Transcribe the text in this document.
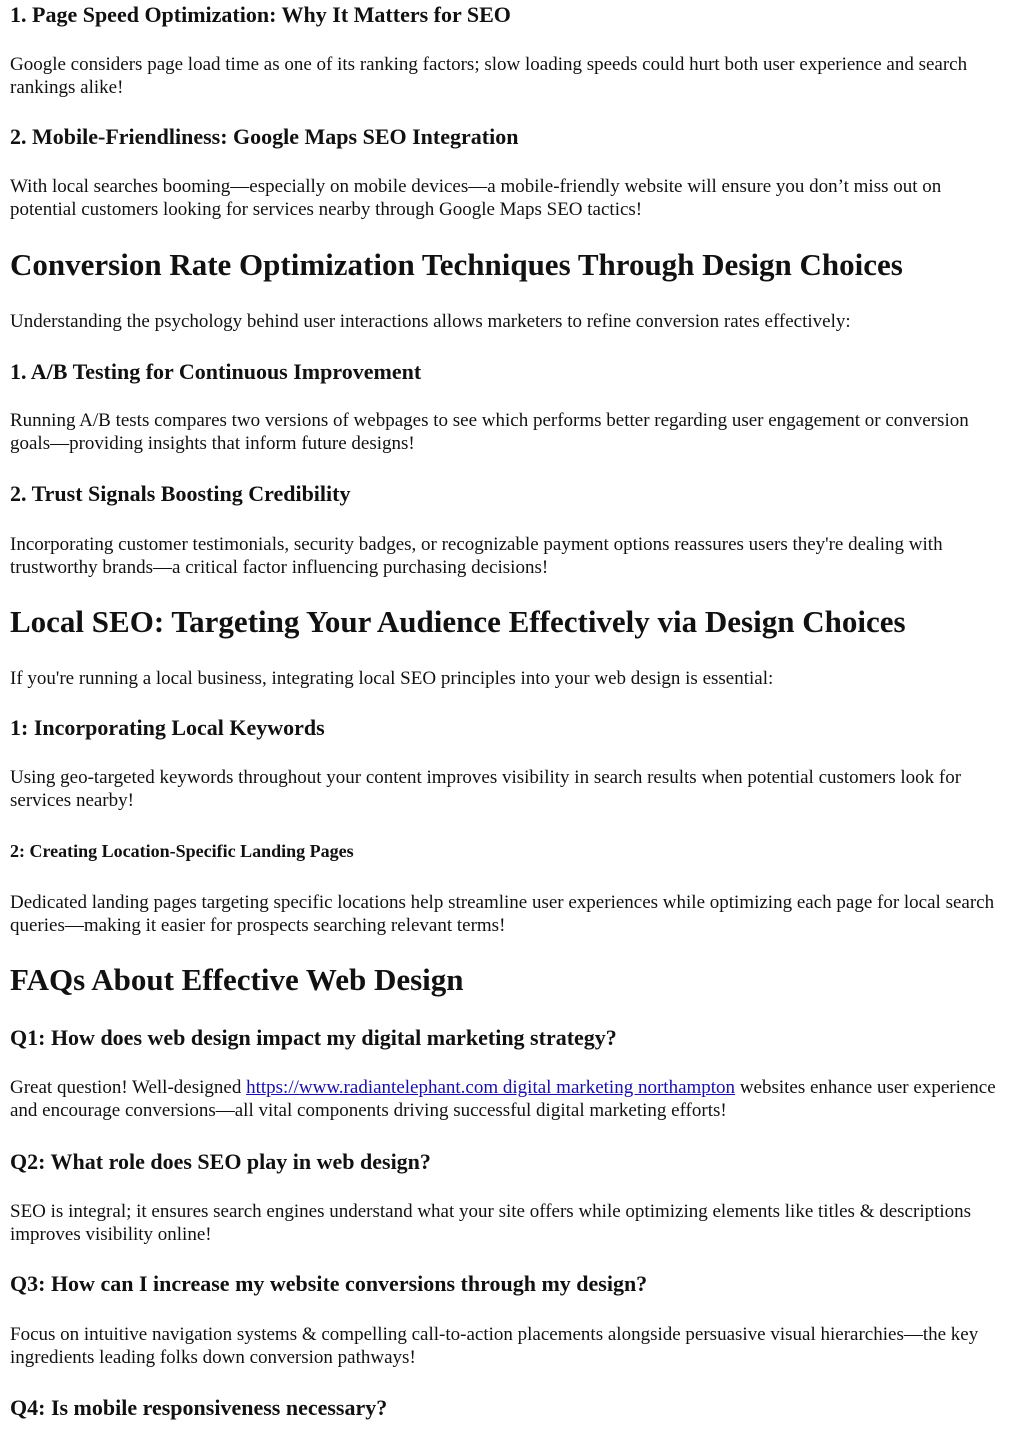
1. Page Speed Optimization: Why It Matters for SEO

Google considers page load time as one of its ranking factors; slow loading speeds could hurt both user experience and search rankings alike!

2. Mobile-Friendliness: Google Maps SEO Integration

With local searches booming—especially on mobile devices—a mobile-friendly website will ensure you don’t miss out on potential customers looking for services nearby through Google Maps SEO tactics!

Conversion Rate Optimization Techniques Through Design Choices

Understanding the psychology behind user interactions allows marketers to refine conversion rates effectively:

1. A/B Testing for Continuous Improvement

Running A/B tests compares two versions of webpages to see which performs better regarding user engagement or conversion goals—providing insights that inform future designs!

2. Trust Signals Boosting Credibility

Incorporating customer testimonials, security badges, or recognizable payment options reassures users they're dealing with trustworthy brands—a critical factor influencing purchasing decisions!

Local SEO: Targeting Your Audience Effectively via Design Choices

If you're running a local business, integrating local SEO principles into your web design is essential:

1: Incorporating Local Keywords

Using geo-targeted keywords throughout your content improves visibility in search results when potential customers look for services nearby!

2: Creating Location-Specific Landing Pages

Dedicated landing pages targeting specific locations help streamline user experiences while optimizing each page for local search queries—making it easier for prospects searching relevant terms!

FAQs About Effective Web Design
Q1: How does web design impact my digital marketing strategy?

Great question! Well-designed https://www.radiantelephant.com digital marketing northampton websites enhance user experience and encourage conversions—all vital components driving successful digital marketing efforts!

Q2: What role does SEO play in web design?

SEO is integral; it ensures search engines understand what your site offers while optimizing elements like titles & descriptions improves visibility online!

Q3: How can I increase my website conversions through my design?

Focus on intuitive navigation systems & compelling call-to-action placements alongside persuasive visual hierarchies—the key ingredients leading folks down conversion pathways!

Q4: Is mobile responsiveness necessary?
